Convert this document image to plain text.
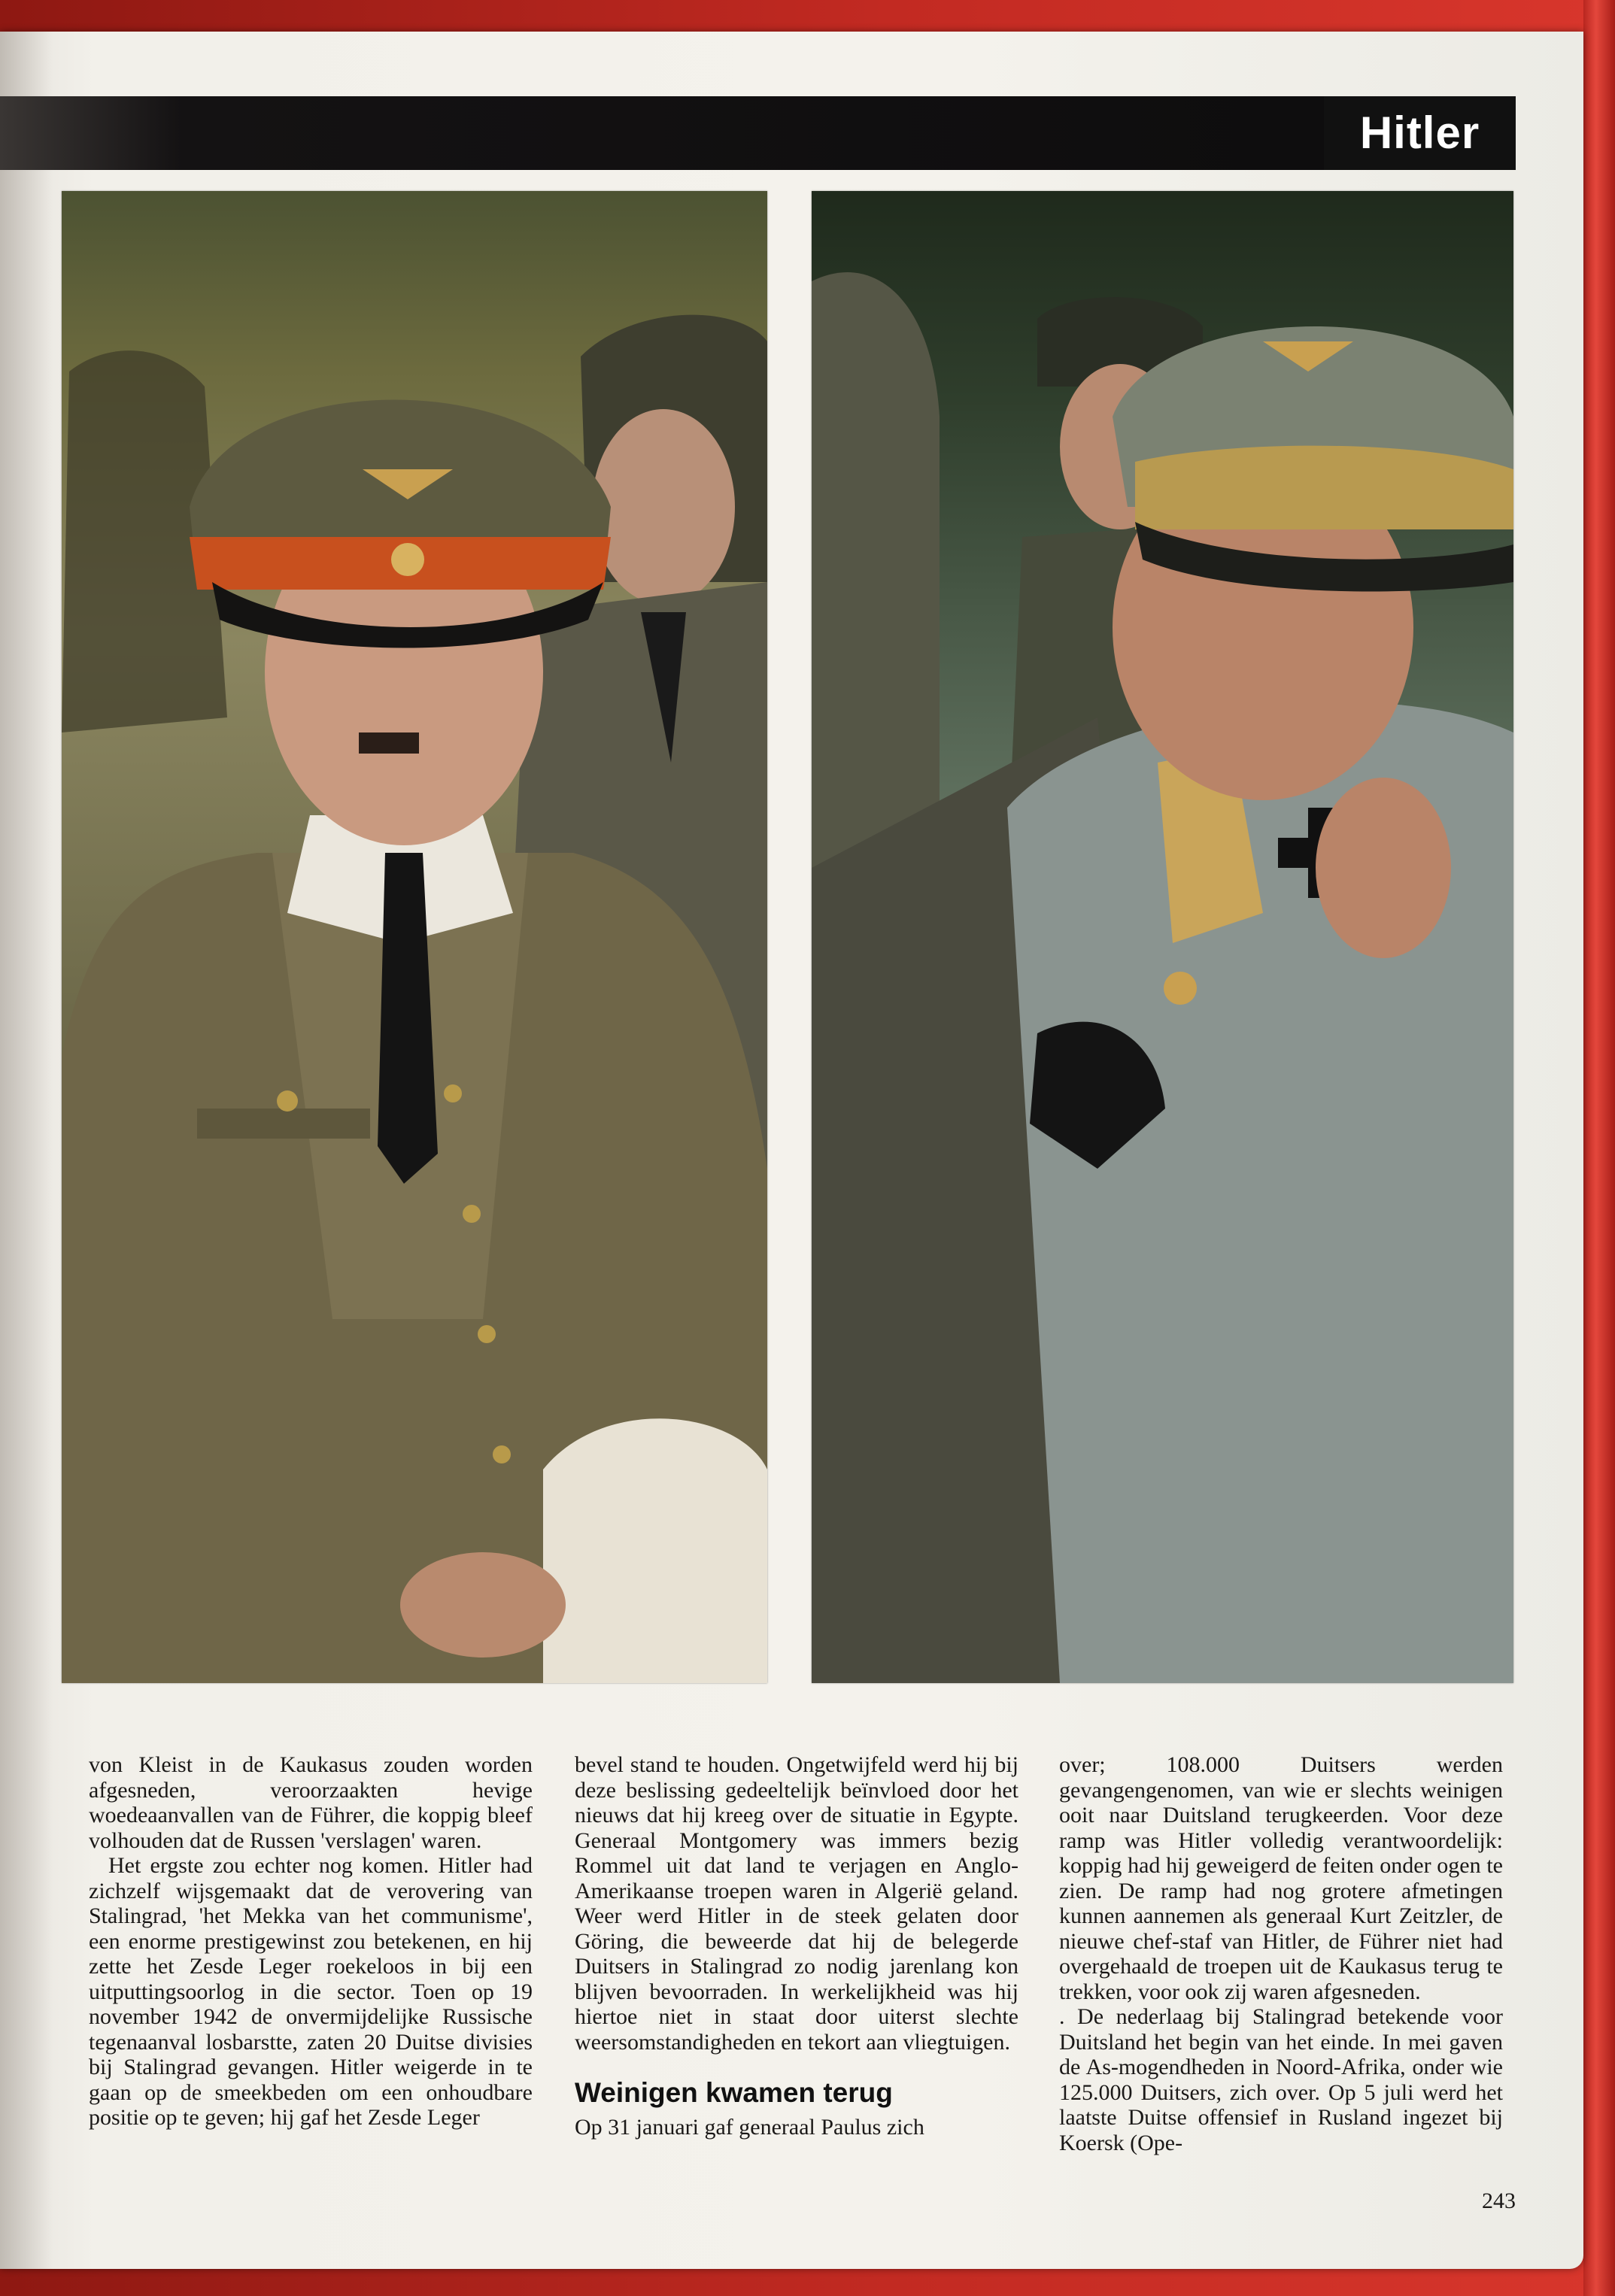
Hitler

von Kleist in de Kaukasus zouden worden afgesneden, veroorzaakten hevige woedeaanvallen van de Führer, die koppig bleef volhouden dat de Russen 'verslagen' waren.

Het ergste zou echter nog komen. Hitler had zichzelf wijsgemaakt dat de verovering van Stalingrad, 'het Mekka van het communisme', een enorme prestigewinst zou betekenen, en hij zette het Zesde Leger roekeloos in bij een uitputtingsoorlog in die sector. Toen op 19 november 1942 de onvermijdelijke Russische tegenaanval losbarstte, zaten 20 Duitse divisies bij Stalingrad gevangen. Hitler weigerde in te gaan op de smeekbeden om een onhoudbare positie op te geven; hij gaf het Zesde Leger

bevel stand te houden. Ongetwijfeld werd hij bij deze beslissing gedeeltelijk beïnvloed door het nieuws dat hij kreeg over de situatie in Egypte. Generaal Montgomery was immers bezig Rommel uit dat land te verjagen en Anglo-Amerikaanse troepen waren in Algerië geland. Weer werd Hitler in de steek gelaten door Göring, die beweerde dat hij de belegerde Duitsers in Stalingrad zo nodig jarenlang kon blijven bevoorraden. In werkelijkheid was hij hiertoe niet in staat door uiterst slechte weersomstandigheden en tekort aan vliegtuigen.

Weinigen kwamen terug

Op 31 januari gaf generaal Paulus zich

over; 108.000 Duitsers werden gevangengenomen, van wie er slechts weinigen ooit naar Duitsland terugkeerden. Voor deze ramp was Hitler volledig verantwoordelijk: koppig had hij geweigerd de feiten onder ogen te zien. De ramp had nog grotere afmetingen kunnen aannemen als generaal Kurt Zeitzler, de nieuwe chef-staf van Hitler, de Führer niet had overgehaald de troepen uit de Kaukasus terug te trekken, voor ook zij waren afgesneden.

. De nederlaag bij Stalingrad betekende voor Duitsland het begin van het einde. In mei gaven de As-mogendheden in Noord-Afrika, onder wie 125.000 Duitsers, zich over. Op 5 juli werd het laatste Duitse offensief in Rusland ingezet bij Koersk (Ope-

243
